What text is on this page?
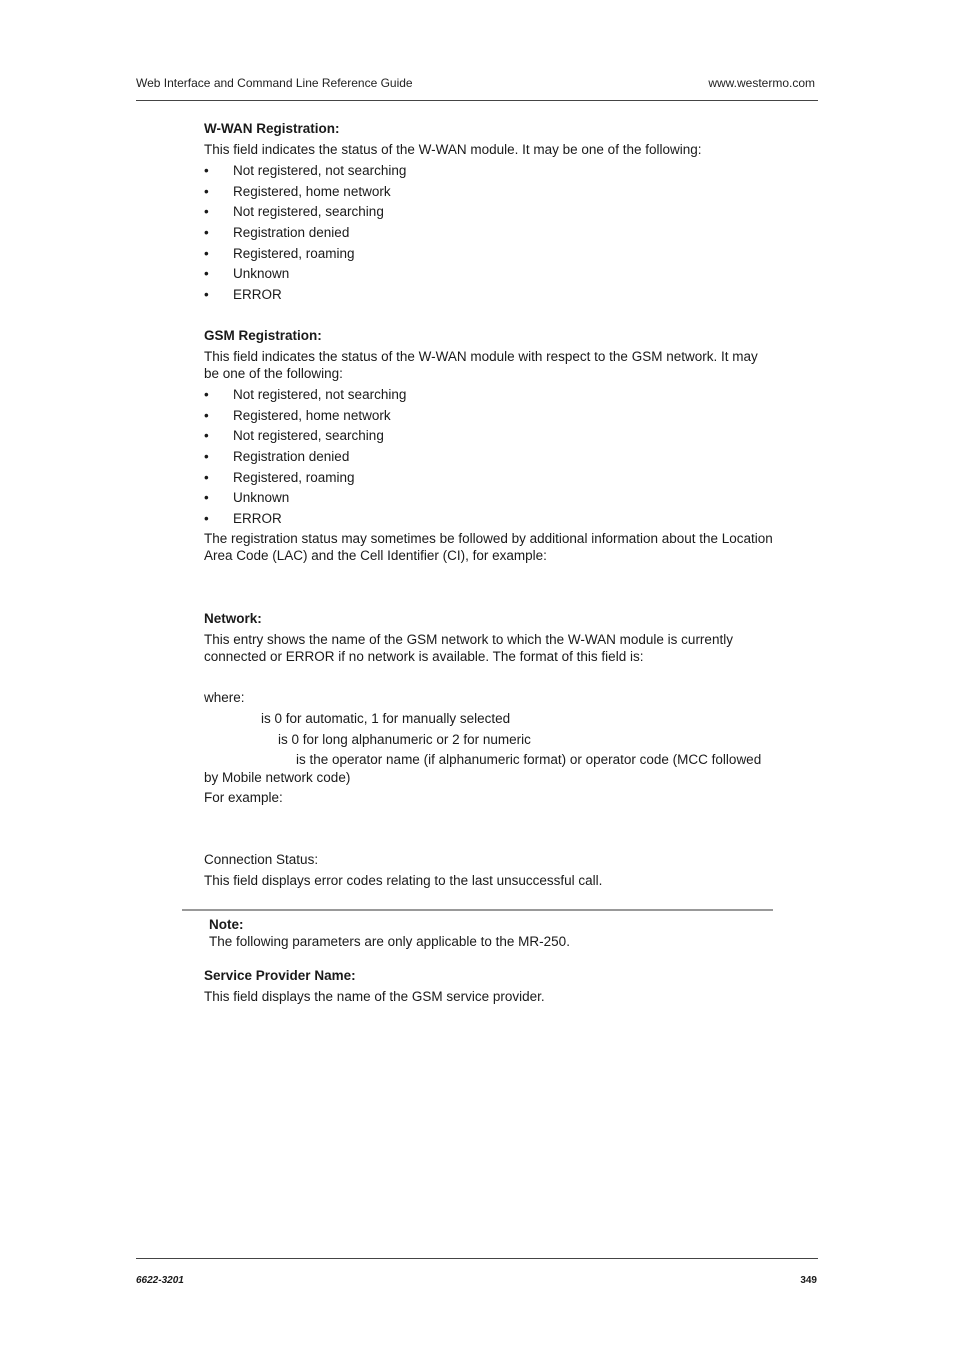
Web Interface and Command Line Reference Guide	www.westermo.com
W-WAN Registration:
This field indicates the status of the W-WAN module. It may be one of the following:
• Not registered, not searching
• Registered, home network
• Not registered, searching
• Registration denied
• Registered, roaming
• Unknown
• ERROR
GSM Registration:
This field indicates the status of the W-WAN module with respect to the GSM network. It may be one of the following:
• Not registered, not searching
• Registered, home network
• Not registered, searching
• Registration denied
• Registered, roaming
• Unknown
• ERROR
The registration status may sometimes be followed by additional information about the Location Area Code (LAC) and the Cell Identifier (CI), for example:
Network:
This entry shows the name of the GSM network to which the W-WAN module is currently connected or ERROR if no network is available. The format of this field is:
where:
is 0 for automatic, 1 for manually selected
is 0 for long alphanumeric or 2 for numeric
is the operator name (if alphanumeric format) or operator code (MCC followed
by Mobile network code)
For example:
Connection Status:
This field displays error codes relating to the last unsuccessful call.
Note:
The following parameters are only applicable to the MR-250.
Service Provider Name:
This field displays the name of the GSM service provider.
6622-3201	349
